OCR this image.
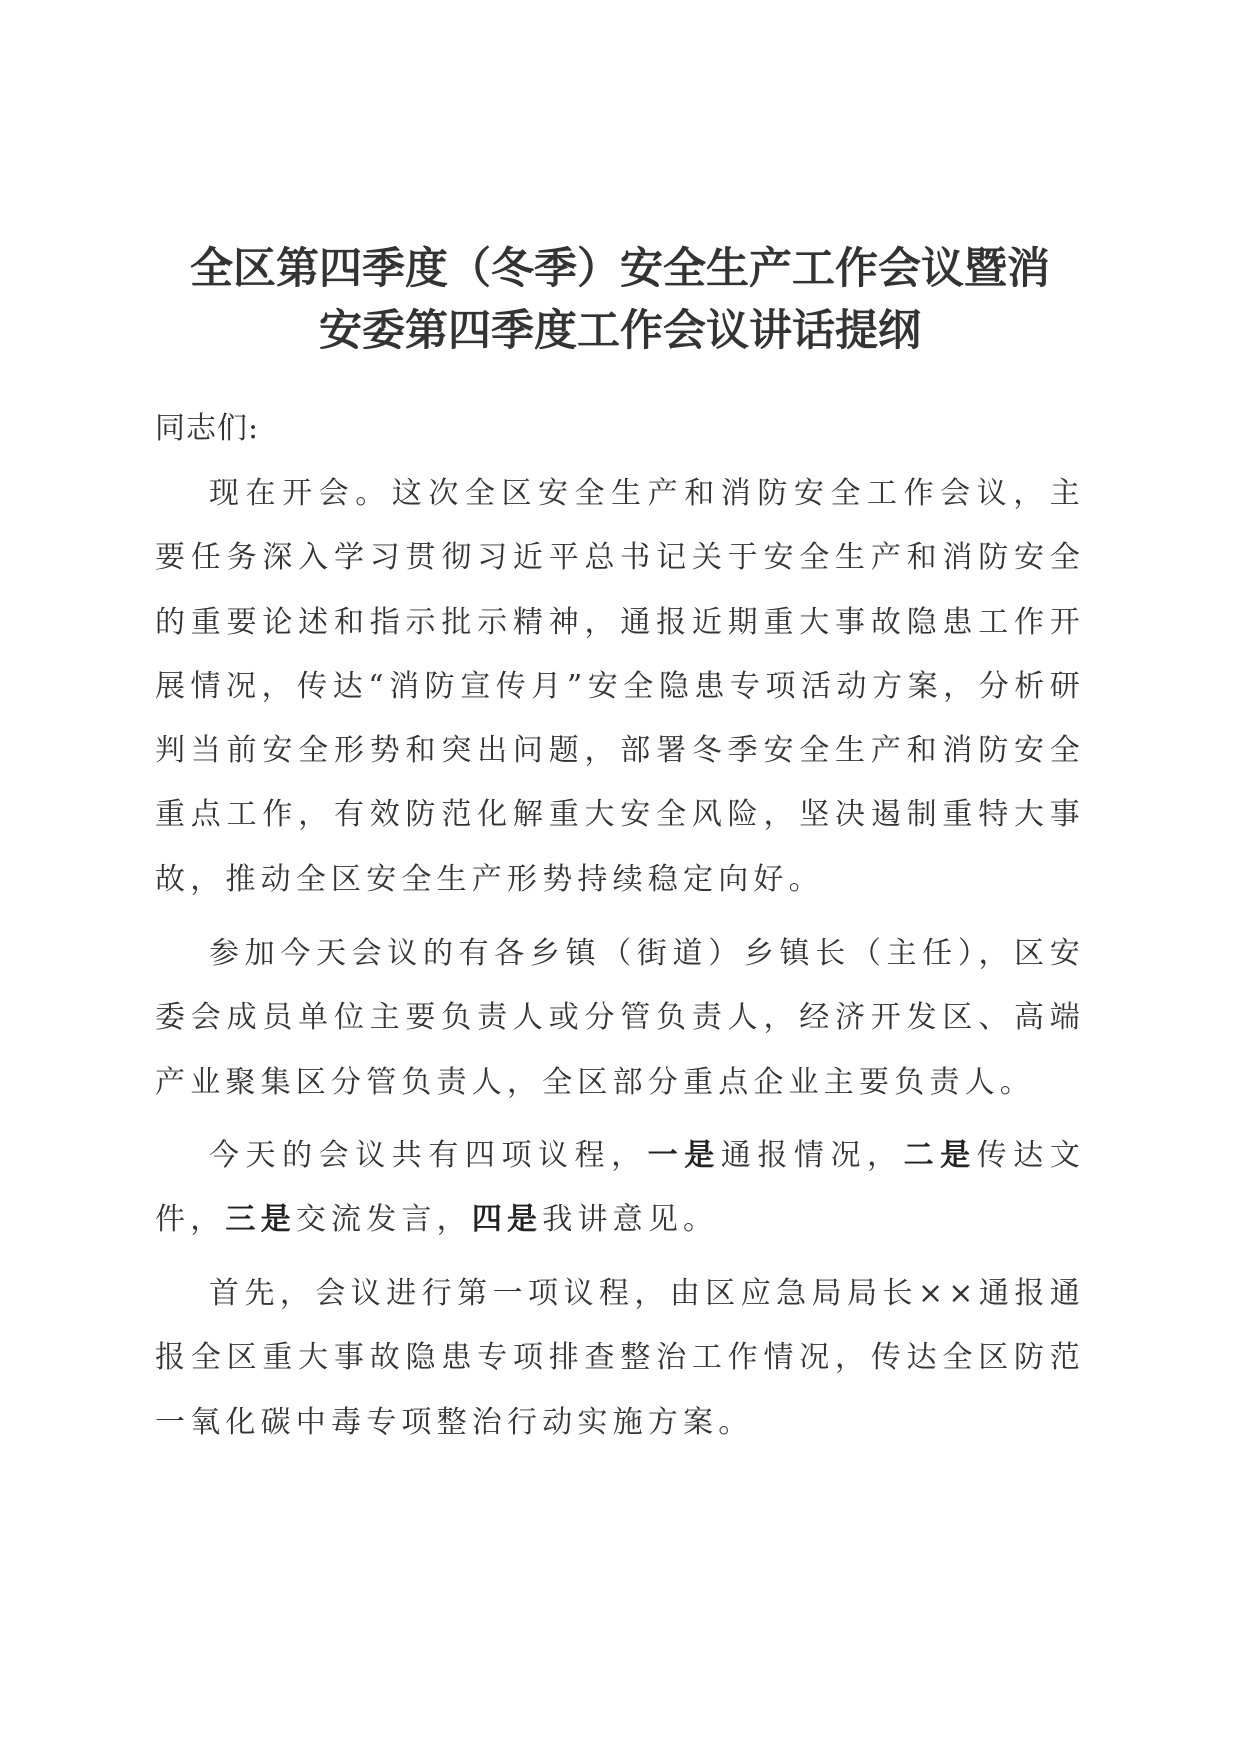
全区第四季度（冬季）安全生产工作会议暨消
安委第四季度工作会议讲话提纲

同志们:

现在开会。这次全区安全生产和消防安全工作会议，主要任务深入学习贯彻习近平总书记关于安全生产和消防安全的重要论述和指示批示精神，通报近期重大事故隐患工作开展情况，传达“消防宣传月”安全隐患专项活动方案，分析研判当前安全形势和突出问题，部署冬季安全生产和消防安全重点工作，有效防范化解重大安全风险，坚决遏制重特大事故，推动全区安全生产形势持续稳定向好。

参加今天会议的有各乡镇（街道）乡镇长（主任），区安委会成员单位主要负责人或分管负责人，经济开发区、高端产业聚集区分管负责人，全区部分重点企业主要负责人。

今天的会议共有四项议程，一是通报情况，二是传达文件，三是交流发言，四是我讲意见。

首先，会议进行第一项议程，由区应急局局长××通报通报全区重大事故隐患专项排查整治工作情况，传达全区防范一氧化碳中毒专项整治行动实施方案。
